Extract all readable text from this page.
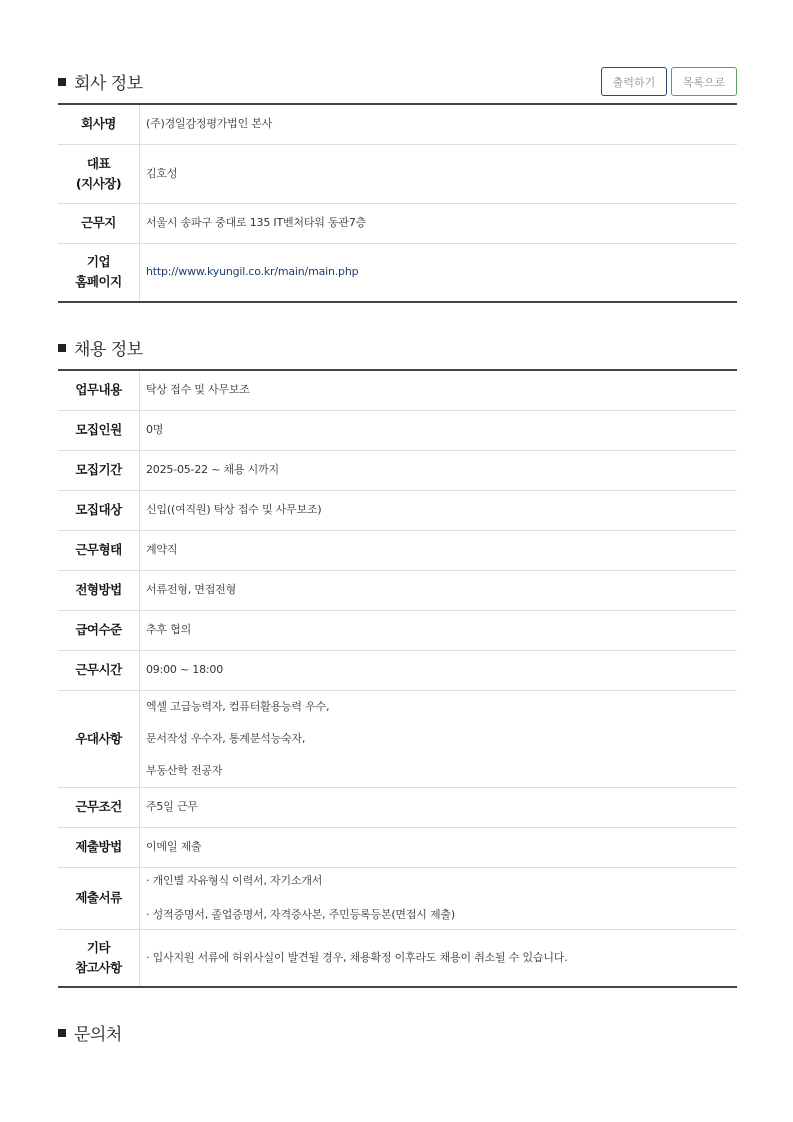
회사 정보	출력하기	목록으로
회사명	(주)경일감정평가법인 본사

대표
(지사장)	김호성
근무지	서울시 송파구 중대로 135 IT벤처타워 동관7층

기업
홈페이지	http://www.kyungil.co.kr/main/main.php
채용 정보
업무내용	탁상 접수 및 사무보조
모집인원	0명
모집기간	2025-05-22 ~ 채용 시까지
모집대상	신입((여직원) 탁상 접수 및 사무보조)
근무형태	계약직
전형방법	서류전형, 면접전형
급여수준	추후 협의
근무시간	09:00 ~ 18:00
우대사항	엑셀 고급능력자, 컴퓨터활용능력 우수,
문서작성 우수자, 통계분석능숙자,
부동산학 전공자

근무조건	주5일 근무
제출방법	이메일 제출
제출서류	· 개인별 자유형식 이력서, 자기소개서
· 성적증명서, 졸업증명서, 자격증사본, 주민등록등본(면접시 제출)

기타
참고사항	· 입사지원 서류에 허위사실이 발견될 경우, 채용확정 이후라도 채용이 취소될 수 있습니다.
문의처
